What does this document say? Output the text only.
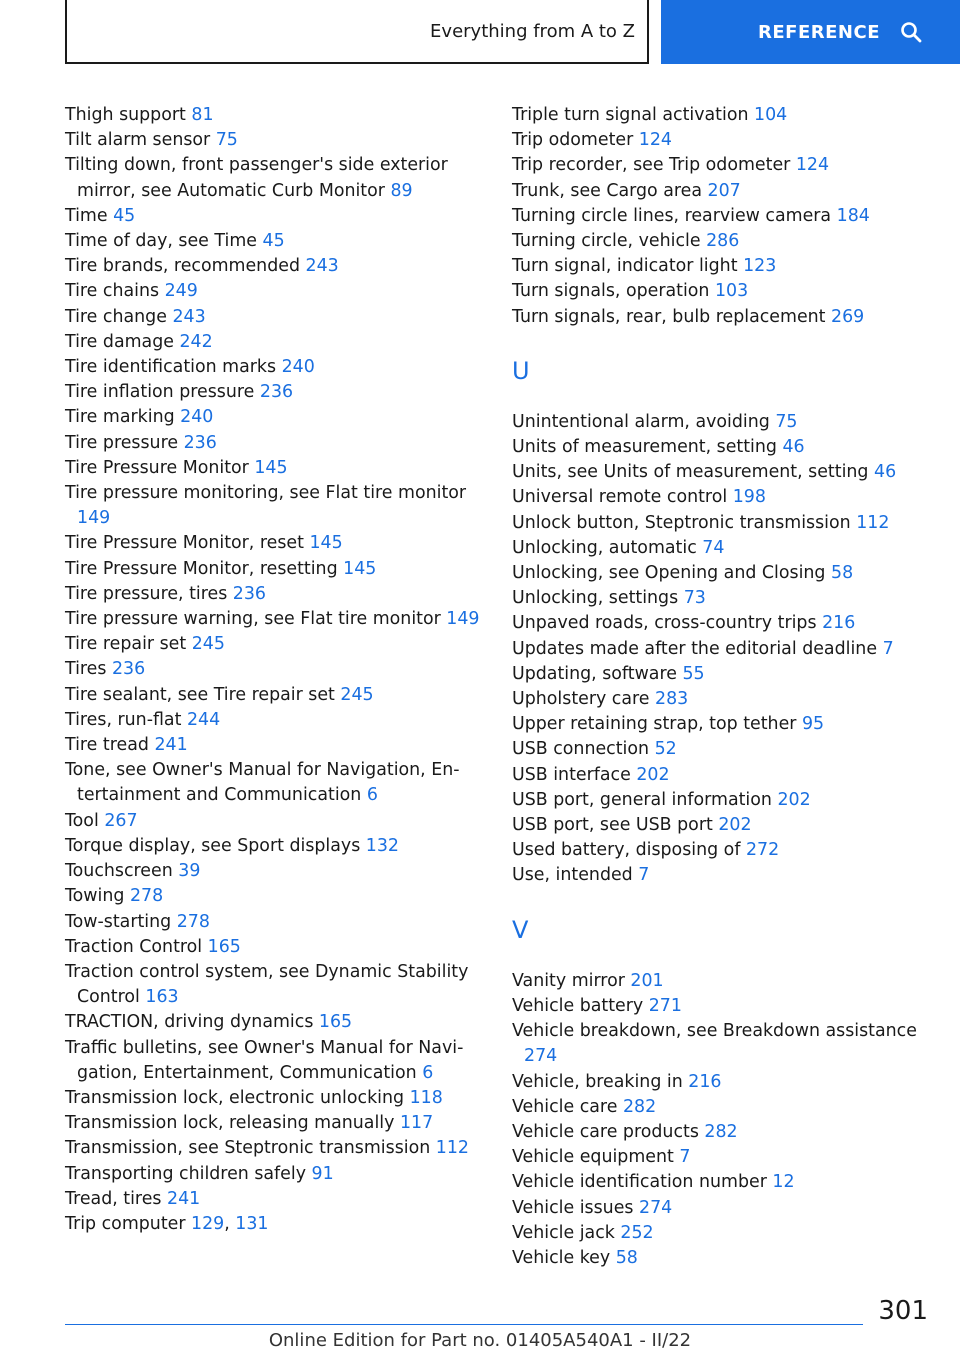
Everything from A to Z	REFERENCE
Thigh support 81
Tilt alarm sensor 75
Tilting down, front passenger's side exterior mirror, see Automatic Curb Monitor 89
Time 45
Time of day, see Time 45
Tire brands, recommended 243
Tire chains 249
Tire change 243
Tire damage 242
Tire identification marks 240
Tire inflation pressure 236
Tire marking 240
Tire pressure 236
Tire Pressure Monitor 145
Tire pressure monitoring, see Flat tire monitor 149
Tire Pressure Monitor, reset 145
Tire Pressure Monitor, resetting 145
Tire pressure, tires 236
Tire pressure warning, see Flat tire monitor 149
Tire repair set 245
Tires 236
Tire sealant, see Tire repair set 245
Tires, run-flat 244
Tire tread 241
Tone, see Owner's Manual for Navigation, Entertainment and Communication 6
Tool 267
Torque display, see Sport displays 132
Touchscreen 39
Towing 278
Tow-starting 278
Traction Control 165
Traction control system, see Dynamic Stability Control 163
TRACTION, driving dynamics 165
Traffic bulletins, see Owner's Manual for Navigation, Entertainment, Communication 6
Transmission lock, electronic unlocking 118
Transmission lock, releasing manually 117
Transmission, see Steptronic transmission 112
Transporting children safely 91
Tread, tires 241
Trip computer 129, 131
Triple turn signal activation 104
Trip odometer 124
Trip recorder, see Trip odometer 124
Trunk, see Cargo area 207
Turning circle lines, rearview camera 184
Turning circle, vehicle 286
Turn signal, indicator light 123
Turn signals, operation 103
Turn signals, rear, bulb replacement 269
U
Unintentional alarm, avoiding 75
Units of measurement, setting 46
Units, see Units of measurement, setting 46
Universal remote control 198
Unlock button, Steptronic transmission 112
Unlocking, automatic 74
Unlocking, see Opening and Closing 58
Unlocking, settings 73
Unpaved roads, cross-country trips 216
Updates made after the editorial deadline 7
Updating, software 55
Upholstery care 283
Upper retaining strap, top tether 95
USB connection 52
USB interface 202
USB port, general information 202
USB port, see USB port 202
Used battery, disposing of 272
Use, intended 7
V
Vanity mirror 201
Vehicle battery 271
Vehicle breakdown, see Breakdown assistance 274
Vehicle, breaking in 216
Vehicle care 282
Vehicle care products 282
Vehicle equipment 7
Vehicle identification number 12
Vehicle issues 274
Vehicle jack 252
Vehicle key 58
301
Online Edition for Part no. 01405A540A1 - II/22
